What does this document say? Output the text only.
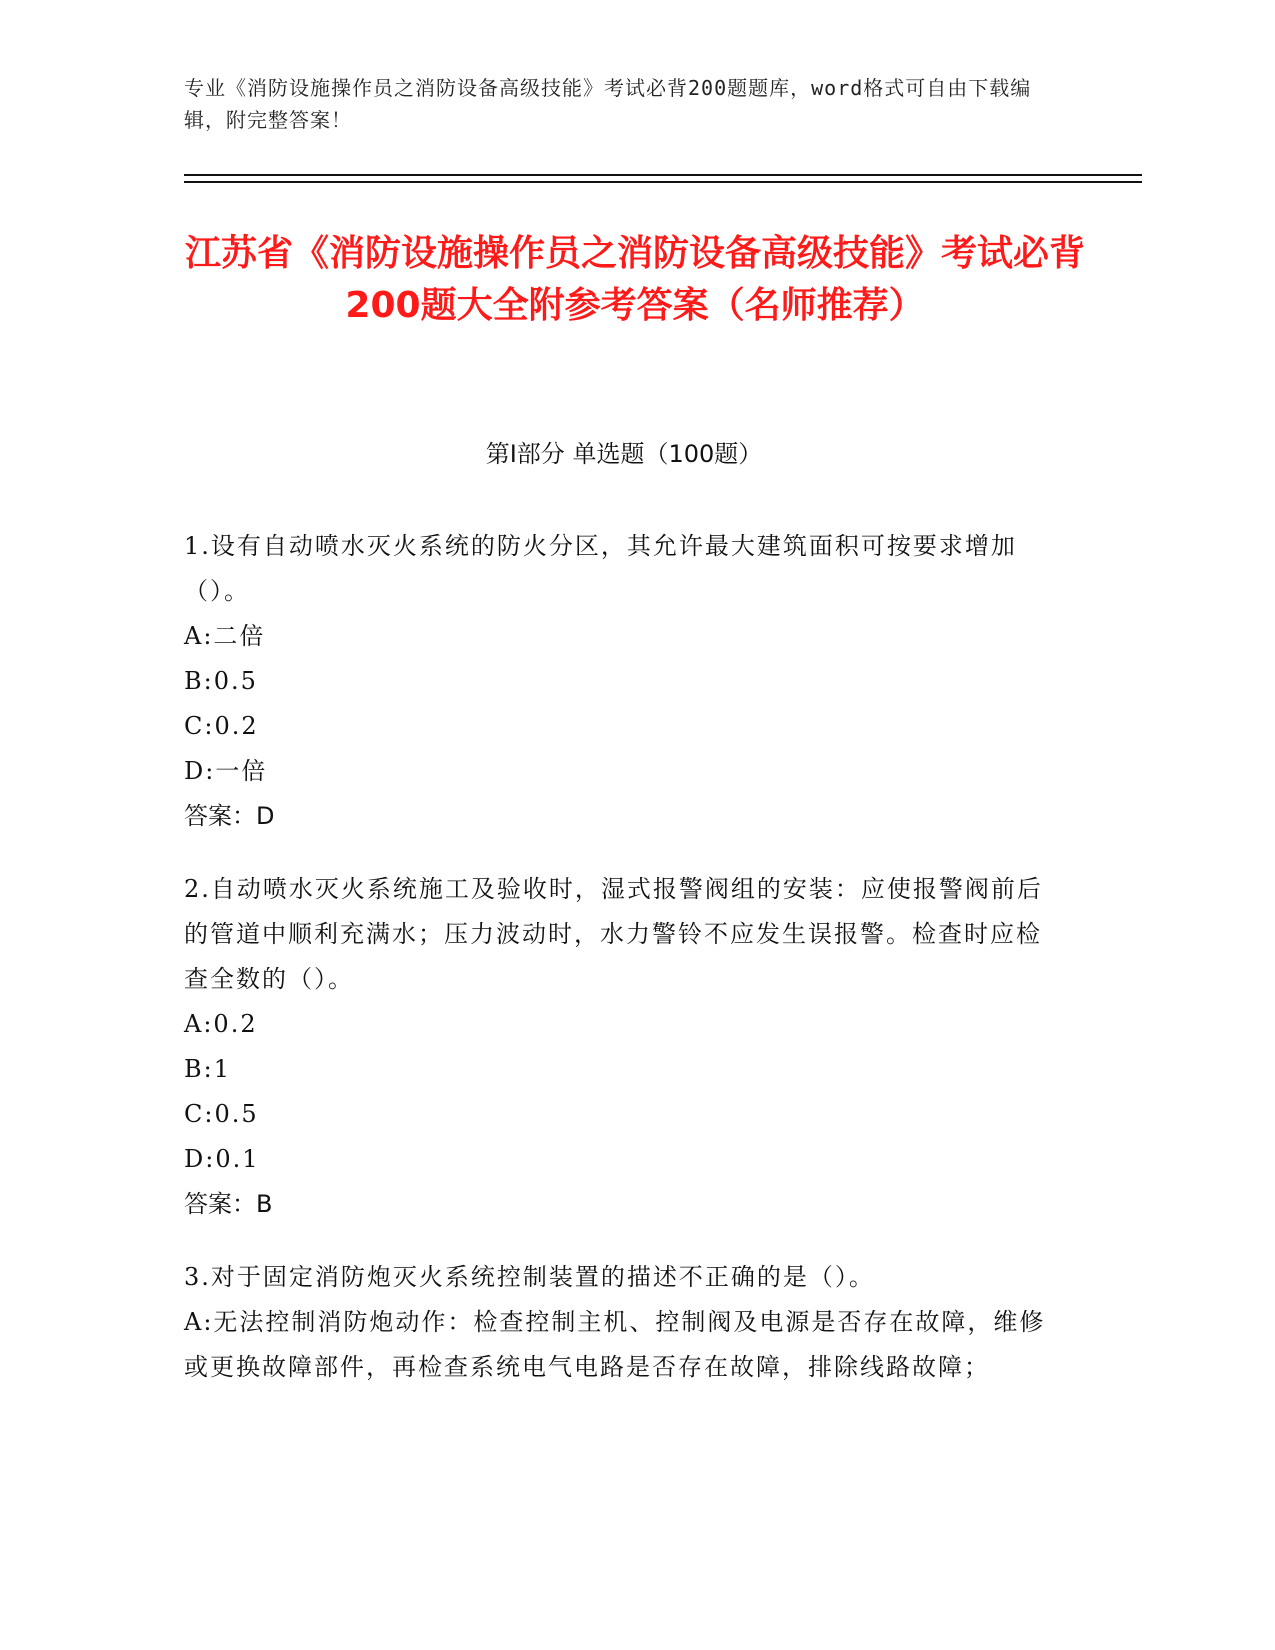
专业《消防设施操作员之消防设备高级技能》考试必背200题题库，word格式可自由下载编辑，附完整答案！
江苏省《消防设施操作员之消防设备高级技能》考试必背200题大全附参考答案（名师推荐）
第Ⅰ部分 单选题（100题）
1.设有自动喷水灭火系统的防火分区，其允许最大建筑面积可按要求增加（）。
A:二倍
B:0.5
C:0.2
D:一倍
答案：D
2.自动喷水灭火系统施工及验收时，湿式报警阀组的安装：应使报警阀前后的管道中顺利充满水；压力波动时，水力警铃不应发生误报警。检查时应检查全数的（）。
A:0.2
B:1
C:0.5
D:0.1
答案：B
3.对于固定消防炮灭火系统控制装置的描述不正确的是（）。
A:无法控制消防炮动作：检查控制主机、控制阀及电源是否存在故障，维修或更换故障部件，再检查系统电气电路是否存在故障，排除线路故障；
